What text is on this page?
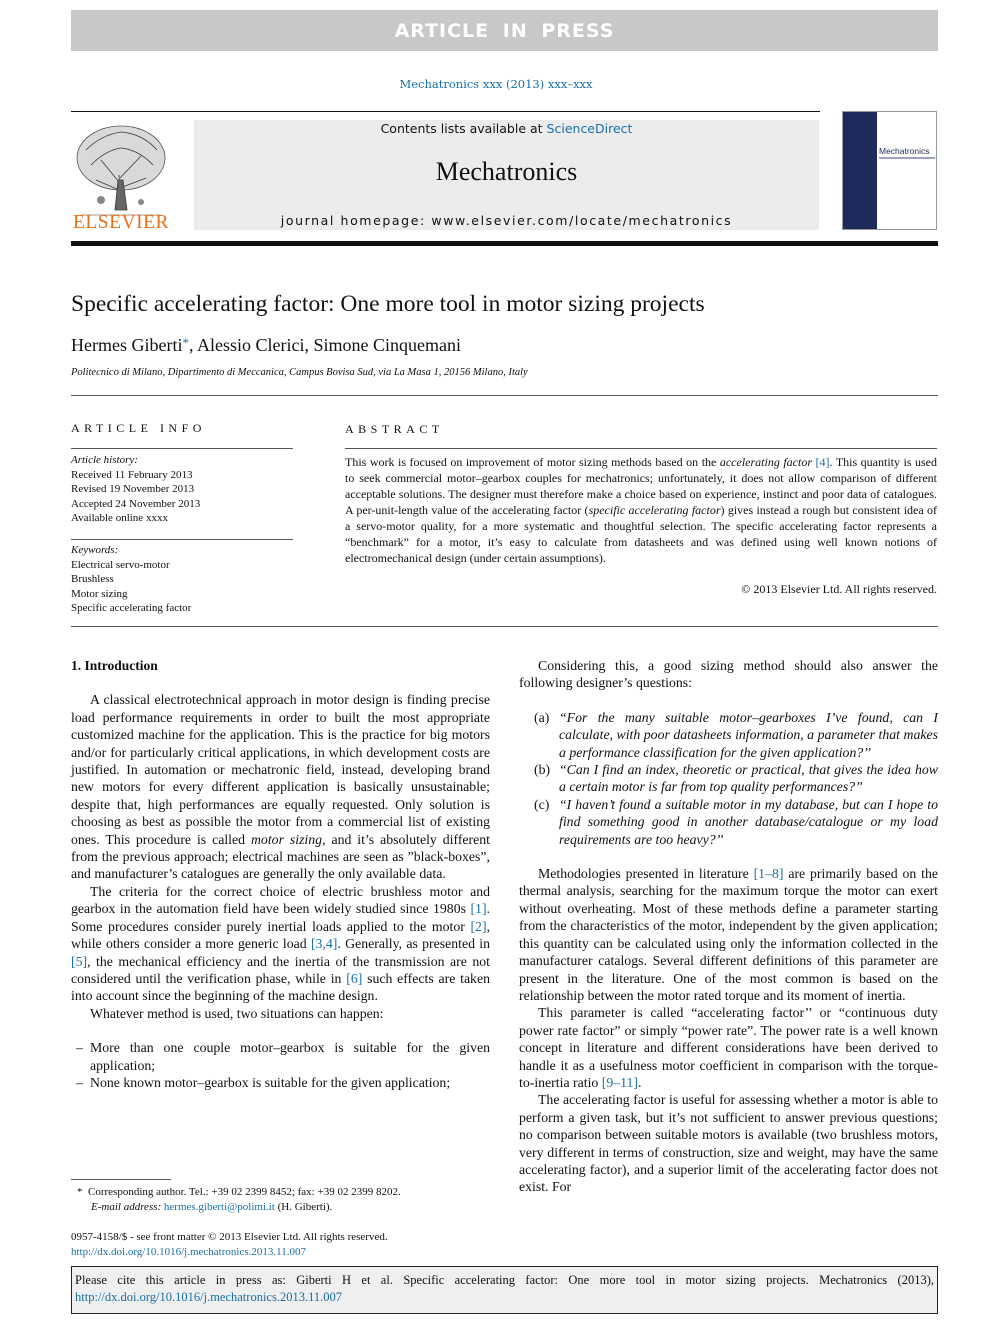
ARTICLE IN PRESS
Mechatronics xxx (2013) xxx–xxx
ELSEVIER
Contents lists available at ScienceDirect
Mechatronics
journal homepage: www.elsevier.com/locate/mechatronics
Mechatronics
Specific accelerating factor: One more tool in motor sizing projects
Hermes Giberti*, Alessio Clerici, Simone Cinquemani
Politecnico di Milano, Dipartimento di Meccanica, Campus Bovisa Sud, via La Masa 1, 20156 Milano, Italy
ARTICLE INFO
Article history:
Received 11 February 2013
Revised 19 November 2013
Accepted 24 November 2013
Available online xxxx
Keywords:
Electrical servo-motor
Brushless
Motor sizing
Specific accelerating factor
ABSTRACT
This work is focused on improvement of motor sizing methods based on the accelerating factor [4]. This quantity is used to seek commercial motor–gearbox couples for mechatronics; unfortunately, it does not allow comparison of different acceptable solutions. The designer must therefore make a choice based on experience, instinct and poor data of catalogues. A per-unit-length value of the accelerating factor (specific accelerating factor) gives instead a rough but consistent idea of a servo-motor quality, for a more systematic and thoughtful selection. The specific accelerating factor represents a “benchmark” for a motor, it’s easy to calculate from datasheets and was defined using well known notions of electromechanical design (under certain assumptions).
© 2013 Elsevier Ltd. All rights reserved.
1. Introduction

A classical electrotechnical approach in motor design is finding precise load performance requirements in order to built the most appropriate customized machine for the application. This is the practice for big motors and/or for particularly critical applications, in which development costs are justified. In automation or mechatronic field, instead, developing brand new motors for every different application is basically unsustainable; despite that, high performances are equally requested. Only solution is choosing as best as possible the motor from a commercial list of existing ones. This procedure is called motor sizing, and it’s absolutely different from the previous approach; electrical machines are seen as ”black-boxes”, and manufacturer’s catalogues are generally the only available data.

The criteria for the correct choice of electric brushless motor and gearbox in the automation field have been widely studied since 1980s [1]. Some procedures consider purely inertial loads applied to the motor [2], while others consider a more generic load [3,4]. Generally, as presented in [5], the mechanical efficiency and the inertia of the transmission are not considered until the verification phase, while in [6] such effects are taken into account since the beginning of the machine design.

Whatever method is used, two situations can happen:

– More than one couple motor–gearbox is suitable for the given application;
– None known motor–gearbox is suitable for the given application;

Considering this, a good sizing method should also answer the following designer’s questions:

(a) “For the many suitable motor–gearboxes I’ve found, can I calculate, with poor datasheets information, a parameter that makes a performance classification for the given application?’’
(b) “Can I find an index, theoretic or practical, that gives the idea how a certain motor is far from top quality performances?”
(c) “I haven’t found a suitable motor in my database, but can I hope to find something good in another database/catalogue or my load requirements are too heavy?’’

Methodologies presented in literature [1–8] are primarily based on the thermal analysis, searching for the maximum torque the motor can exert without overheating. Most of these methods define a parameter starting from the characteristics of the motor, independent by the given application; this quantity can be calculated using only the information collected in the manufacturer catalogs. Several different definitions of this parameter are present in the literature. One of the most common is based on the relationship between the motor rated torque and its moment of inertia.

This parameter is called “accelerating factor’’ or “continuous duty power rate factor” or simply “power rate”. The power rate is a well known concept in literature and different considerations have been derived to handle it as a usefulness motor coefficient in comparison with the torque-to-inertia ratio [9–11].

The accelerating factor is useful for assessing whether a motor is able to perform a given task, but it’s not sufficient to answer previous questions; no comparison between suitable motors is available (two brushless motors, very different in terms of construction, size and weight, may have the same accelerating factor), and a superior limit of the accelerating factor does not exist. For

* Corresponding author. Tel.: +39 02 2399 8452; fax: +39 02 2399 8202.
E-mail address: hermes.giberti@polimi.it (H. Giberti).
0957-4158/$ - see front matter © 2013 Elsevier Ltd. All rights reserved.
http://dx.doi.org/10.1016/j.mechatronics.2013.11.007
Please cite this article in press as: Giberti H et al. Specific accelerating factor: One more tool in motor sizing projects. Mechatronics (2013), http://dx.doi.org/10.1016/j.mechatronics.2013.11.007
